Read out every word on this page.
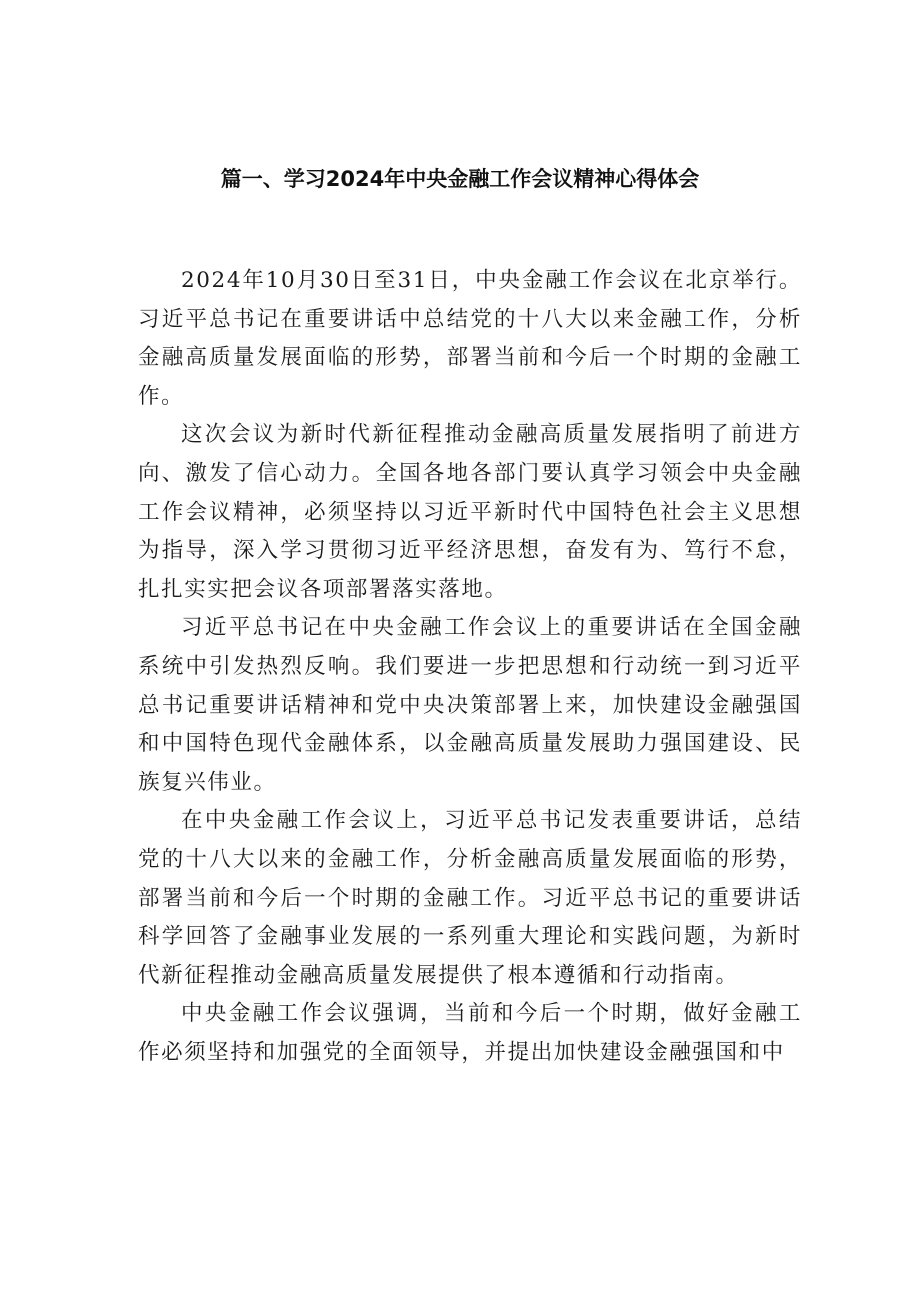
篇一、学习2024年中央金融工作会议精神心得体会

2024年10月30日至31日，中央金融工作会议在北京举行。习近平总书记在重要讲话中总结党的十八大以来金融工作，分析金融高质量发展面临的形势，部署当前和今后一个时期的金融工作。

这次会议为新时代新征程推动金融高质量发展指明了前进方向、激发了信心动力。全国各地各部门要认真学习领会中央金融工作会议精神，必须坚持以习近平新时代中国特色社会主义思想为指导，深入学习贯彻习近平经济思想，奋发有为、笃行不怠，扎扎实实把会议各项部署落实落地。

习近平总书记在中央金融工作会议上的重要讲话在全国金融系统中引发热烈反响。我们要进一步把思想和行动统一到习近平总书记重要讲话精神和党中央决策部署上来，加快建设金融强国和中国特色现代金融体系，以金融高质量发展助力强国建设、民族复兴伟业。

在中央金融工作会议上，习近平总书记发表重要讲话，总结党的十八大以来的金融工作，分析金融高质量发展面临的形势，部署当前和今后一个时期的金融工作。习近平总书记的重要讲话科学回答了金融事业发展的一系列重大理论和实践问题，为新时代新征程推动金融高质量发展提供了根本遵循和行动指南。

中央金融工作会议强调，当前和今后一个时期，做好金融工作必须坚持和加强党的全面领导，并提出加快建设金融强国和中
